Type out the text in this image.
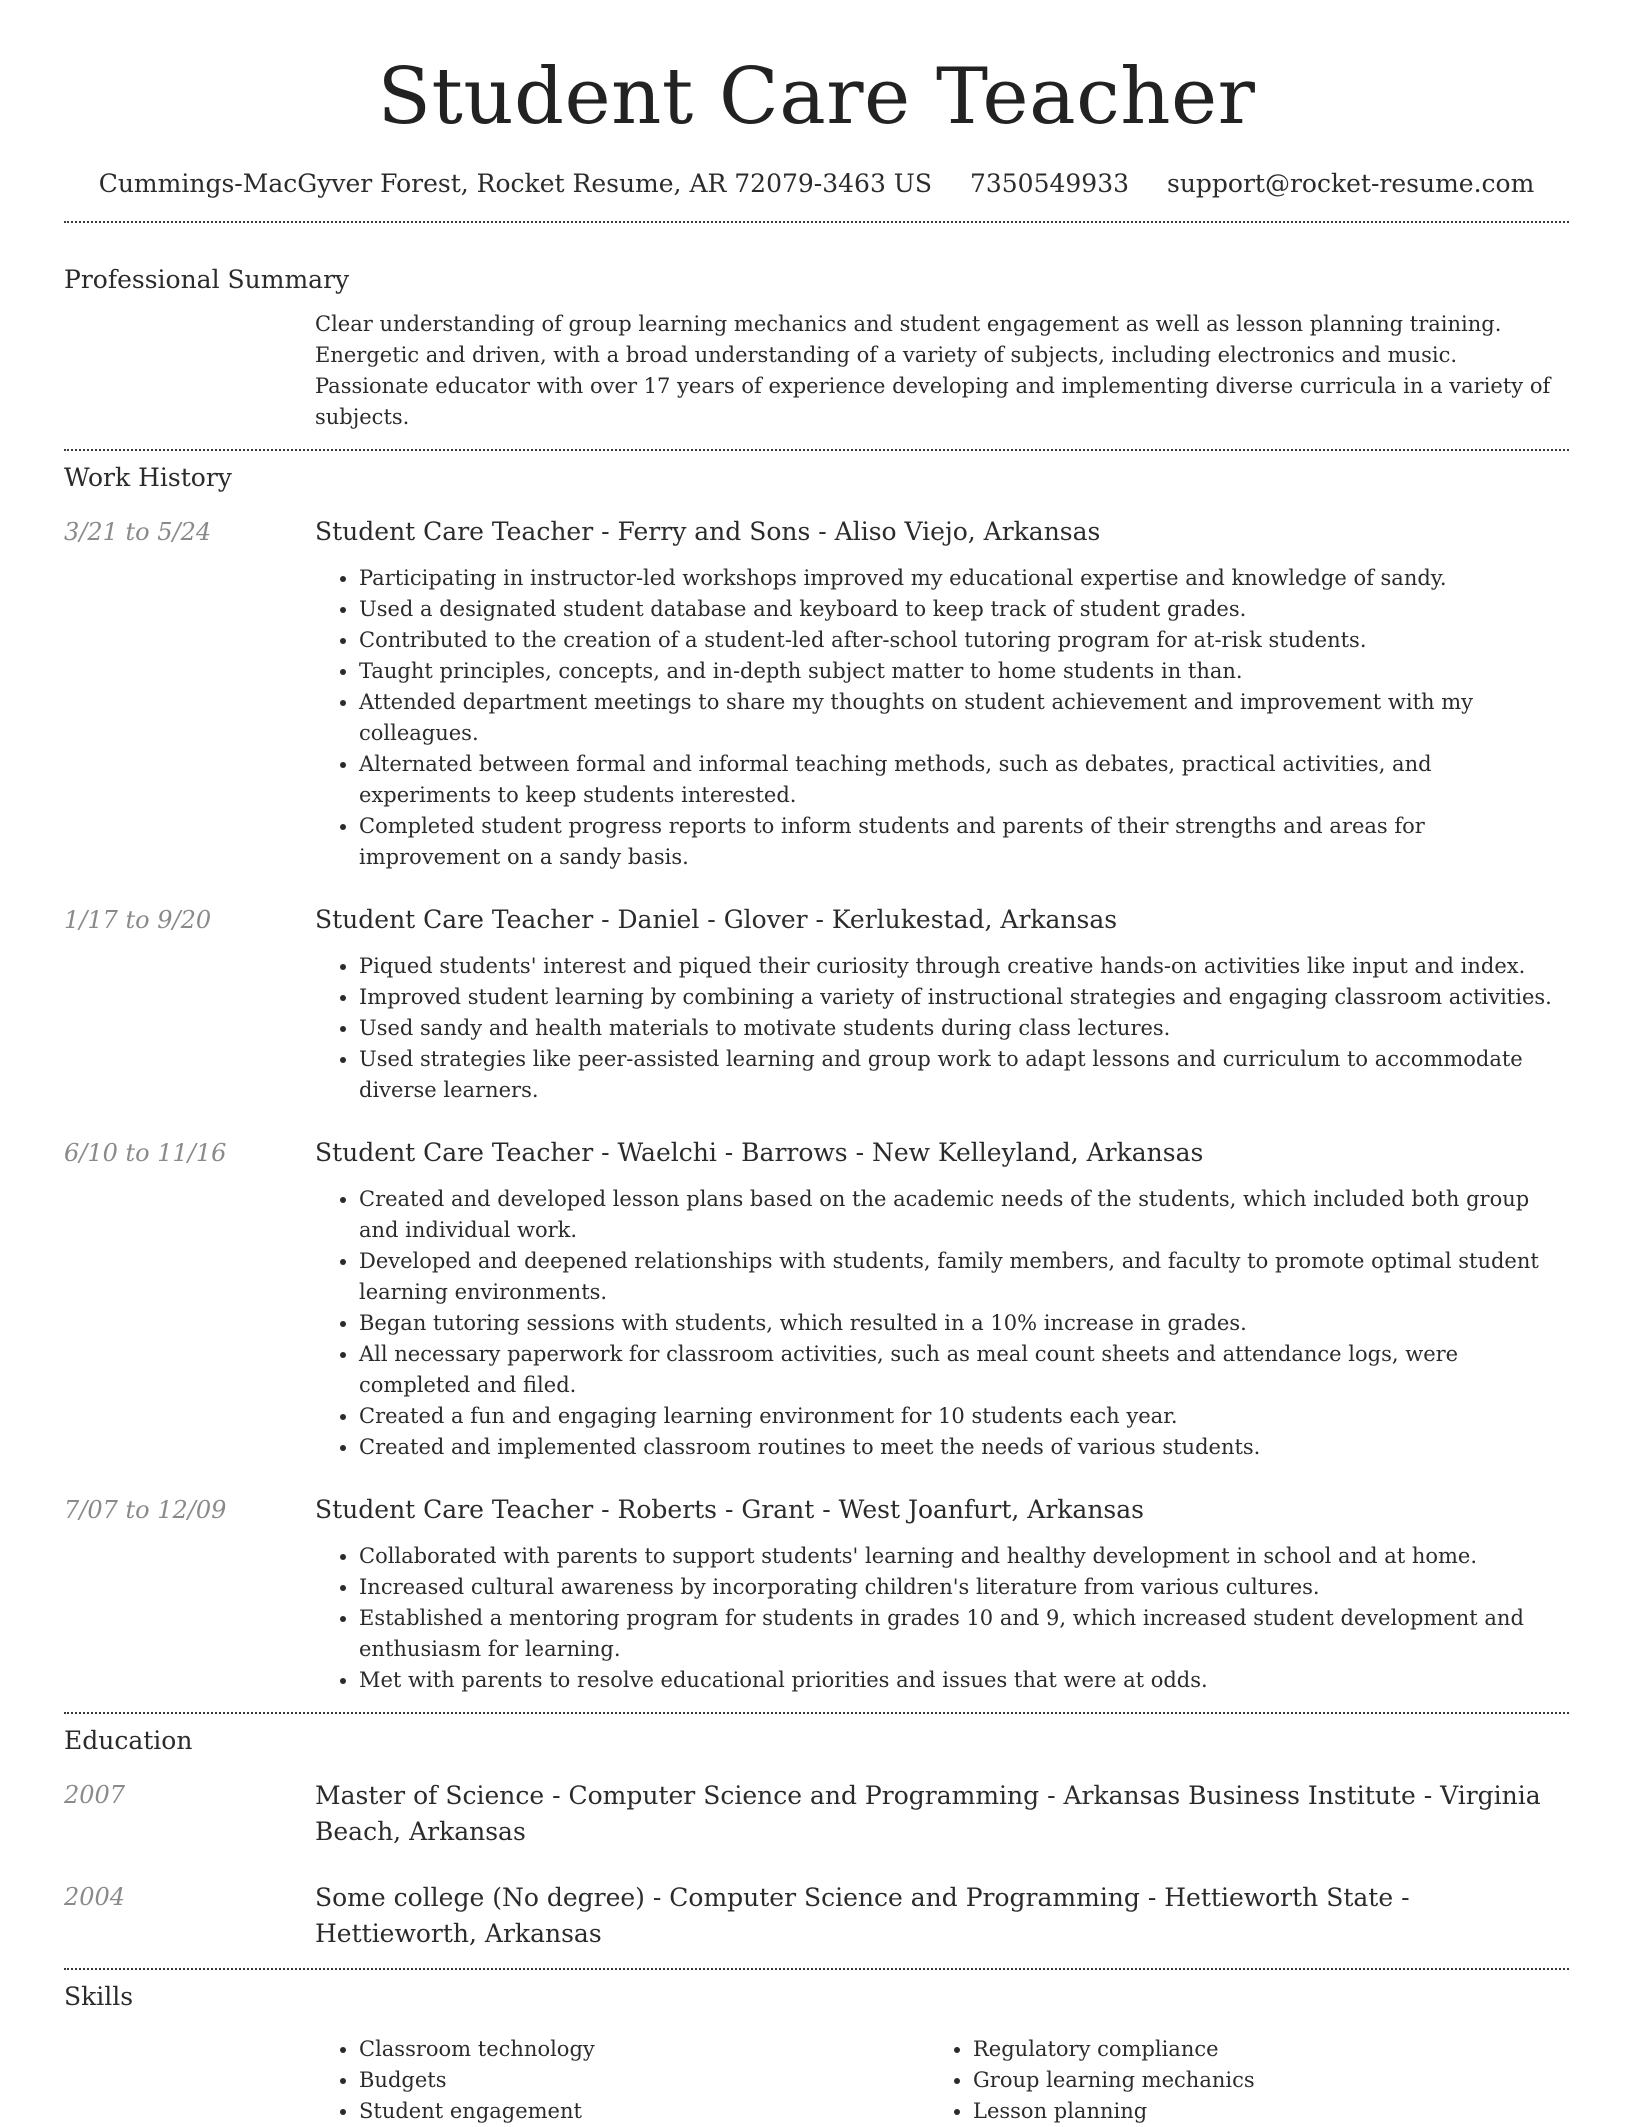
Student Care Teacher
Cummings-MacGyver Forest, Rocket Resume, AR 72079-3463 US 7350549933 support@rocket-resume.com
Professional Summary

Clear understanding of group learning mechanics and student engagement as well as lesson planning training. Energetic and driven, with a broad understanding of a variety of subjects, including electronics and music. Passionate educator with over 17 years of experience developing and implementing diverse curricula in a variety of subjects.

Work History
3/21 to 5/24	Student Care Teacher - Ferry and Sons - Aliso Viejo, Arkansas

• Participating in instructor-led workshops improved my educational expertise and knowledge of sandy.
• Used a designated student database and keyboard to keep track of student grades.
• Contributed to the creation of a student-led after-school tutoring program for at-risk students.
• Taught principles, concepts, and in-depth subject matter to home students in than.
• Attended department meetings to share my thoughts on student achievement and improvement with my colleagues.
• Alternated between formal and informal teaching methods, such as debates, practical activities, and experiments to keep students interested.
• Completed student progress reports to inform students and parents of their strengths and areas for improvement on a sandy basis.
1/17 to 9/20	Student Care Teacher - Daniel - Glover - Kerlukestad, Arkansas

• Piqued students' interest and piqued their curiosity through creative hands-on activities like input and index.
• Improved student learning by combining a variety of instructional strategies and engaging classroom activities.
• Used sandy and health materials to motivate students during class lectures.
• Used strategies like peer-assisted learning and group work to adapt lessons and curriculum to accommodate diverse learners.
6/10 to 11/16	Student Care Teacher - Waelchi - Barrows - New Kelleyland, Arkansas

• Created and developed lesson plans based on the academic needs of the students, which included both group and individual work.
• Developed and deepened relationships with students, family members, and faculty to promote optimal student learning environments.
• Began tutoring sessions with students, which resulted in a 10% increase in grades.
• All necessary paperwork for classroom activities, such as meal count sheets and attendance logs, were completed and filed.
• Created a fun and engaging learning environment for 10 students each year.
• Created and implemented classroom routines to meet the needs of various students.
7/07 to 12/09	Student Care Teacher - Roberts - Grant - West Joanfurt, Arkansas

• Collaborated with parents to support students' learning and healthy development in school and at home.
• Increased cultural awareness by incorporating children's literature from various cultures.
• Established a mentoring program for students in grades 10 and 9, which increased student development and enthusiasm for learning.
• Met with parents to resolve educational priorities and issues that were at odds.
Education
2007	Master of Science - Computer Science and Programming - Arkansas Business Institute - Virginia Beach, Arkansas

2004	Some college (No degree) - Computer Science and Programming - Hettieworth State - Hettieworth, Arkansas

Skills
• Classroom technology
• Budgets
• Student engagement
• Regulatory compliance
• Group learning mechanics
• Lesson planning
